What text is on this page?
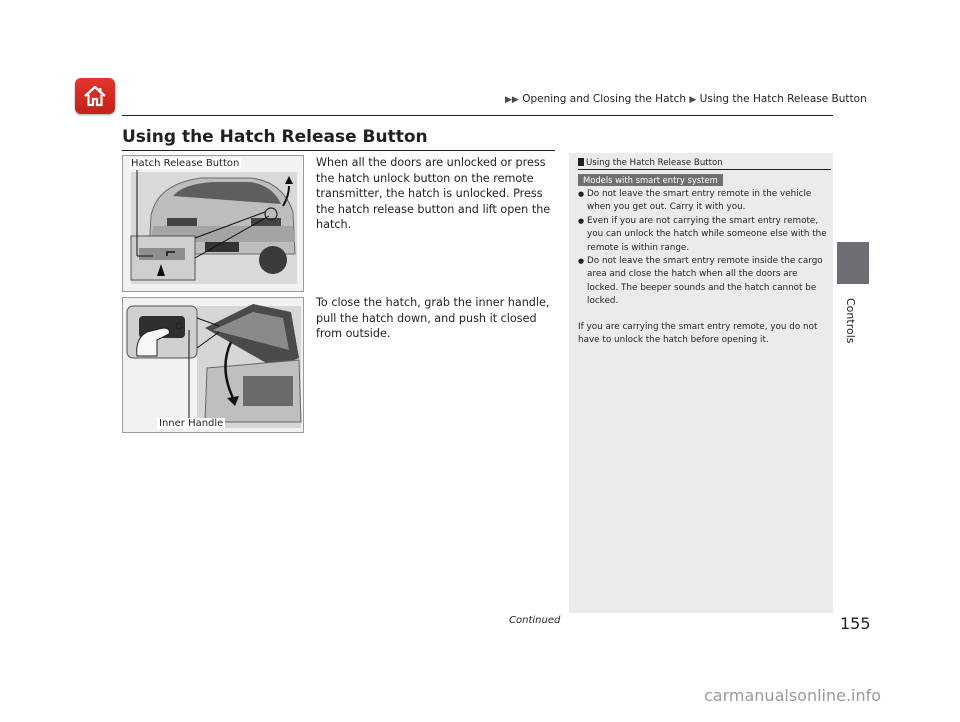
▶▶ Opening and Closing the Hatch ▶ Using the Hatch Release Button
Controls
Using the Hatch Release Button
Hatch Release Button
Inner Handle

When all the doors are unlocked or press the hatch unlock button on the remote transmitter, the hatch is unlocked. Press the hatch release button and lift open the hatch.

To close the hatch, grab the inner handle, pull the hatch down, and push it closed from outside.

Using the Hatch Release Button
Models with smart entry system
● Do not leave the smart entry remote in the vehicle when you get out. Carry it with you.
● Even if you are not carrying the smart entry remote, you can unlock the hatch while someone else with the remote is within range.
● Do not leave the smart entry remote inside the cargo area and close the hatch when all the doors are locked. The beeper sounds and the hatch cannot be locked.

If you are carrying the smart entry remote, you do not have to unlock the hatch before opening it.

Continued	155
carmanualsonline.info
